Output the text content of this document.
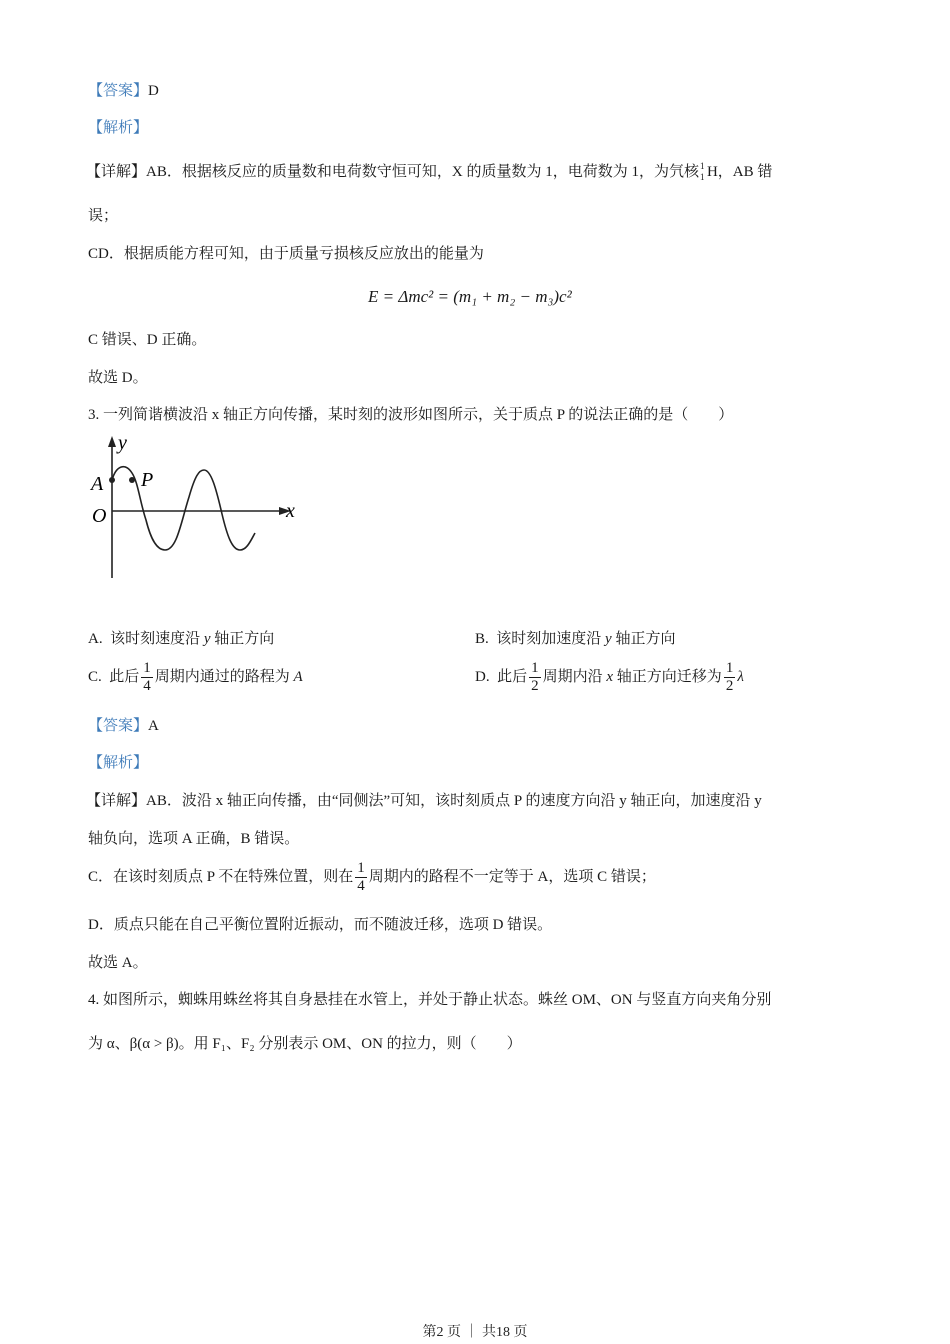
【答案】D
【解析】
【详解】AB．根据核反应的质量数和电荷数守恒可知，X 的质量数为 1，电荷数为 1，为氕核 1
1 H，AB 错
误；
CD．根据质能方程可知，由于质量亏损核反应放出的能量为
E = Δmc² = (m₁ + m₂ − m₃)c²
C 错误、D 正确。
故选 D。
3. 一列简谐横波沿 x 轴正方向传播，某时刻的波形如图所示，关于质点 P 的说法正确的是（　　）
y
x
O
A P
A. 该时刻速度沿 y 轴正方向	B. 该时刻加速度沿 y 轴正方向
C. 此后 $\frac{1}{4}$ 周期内通过的路程为 A	D. 此后 $\frac{1}{2}$ 周期内沿 x 轴正方向迁移为 $\frac{1}{2}$ λ
【答案】A
【解析】
【详解】AB．波沿 x 轴正向传播，由“同侧法”可知，该时刻质点 P 的速度方向沿 y 轴正向，加速度沿 y
轴负向，选项 A 正确，B 错误。
C．在该时刻质点 P 不在特殊位置，则在 $\frac{1}{4}$ 周期内的路程不一定等于 A，选项 C 错误；
D．质点只能在自己平衡位置附近振动，而不随波迁移，选项 D 错误。
故选 A。
4. 如图所示，蜘蛛用蛛丝将其自身悬挂在水管上，并处于静止状态。蛛丝 OM、ON 与竖直方向夹角分别
为 α、β(α > β)。用 F₁、F₂ 分别表示 OM、ON 的拉力，则（　　）
第2 页 ｜ 共18 页
